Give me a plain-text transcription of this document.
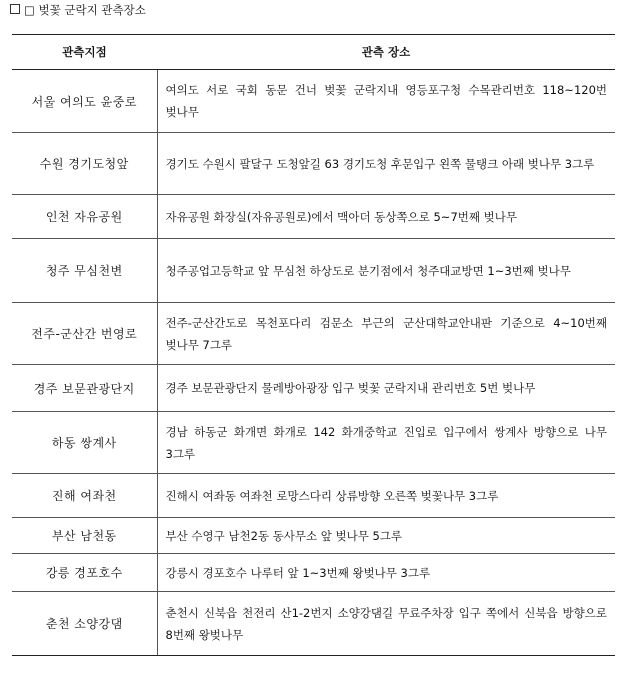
□ 벚꽃 군락지 관측장소
관측지점	관측 장소
서울 여의도 윤중로	여의도 서로 국회 동문 건너 벚꽃 군락지내 영등포구청 수목관리번호 118~120번 벚나무
수원 경기도청앞	경기도 수원시 팔달구 도청앞길 63 경기도청 후문입구 왼쪽 물탱크 아래 벚나무 3그루
인천 자유공원	자유공원 화장실(자유공원로)에서 맥아더 동상쪽으로 5~7번째 벚나무
청주 무심천변	청주공업고등학교 앞 무심천 하상도로 분기점에서 청주대교방면 1~3번째 벚나무
전주-군산간 번영로	전주-군산간도로 목천포다리 검문소 부근의 군산대학교안내판 기준으로 4~10번째 벚나무 7그루
경주 보문관광단지	경주 보문관광단지 물레방아광장 입구 벚꽃 군락지내 관리번호 5번 벚나무
하동 쌍계사	경남 하동군 화개면 화개로 142 화개중학교 진입로 입구에서 쌍계사 방향으로 나무 3그루
진해 여좌천	진해시 여좌동 여좌천 로망스다리 상류방향 오른쪽 벚꽃나무 3그루
부산 남천동	부산 수영구 남천2동 동사무소 앞 벚나무 5그루
강릉 경포호수	강릉시 경포호수 나루터 앞 1~3번째 왕벚나무 3그루
춘천 소양강댐	춘천시 신북읍 천전리 산1-2번지 소양강댐길 무료주차장 입구 쪽에서 신북읍 방향으로 8번째 왕벚나무
